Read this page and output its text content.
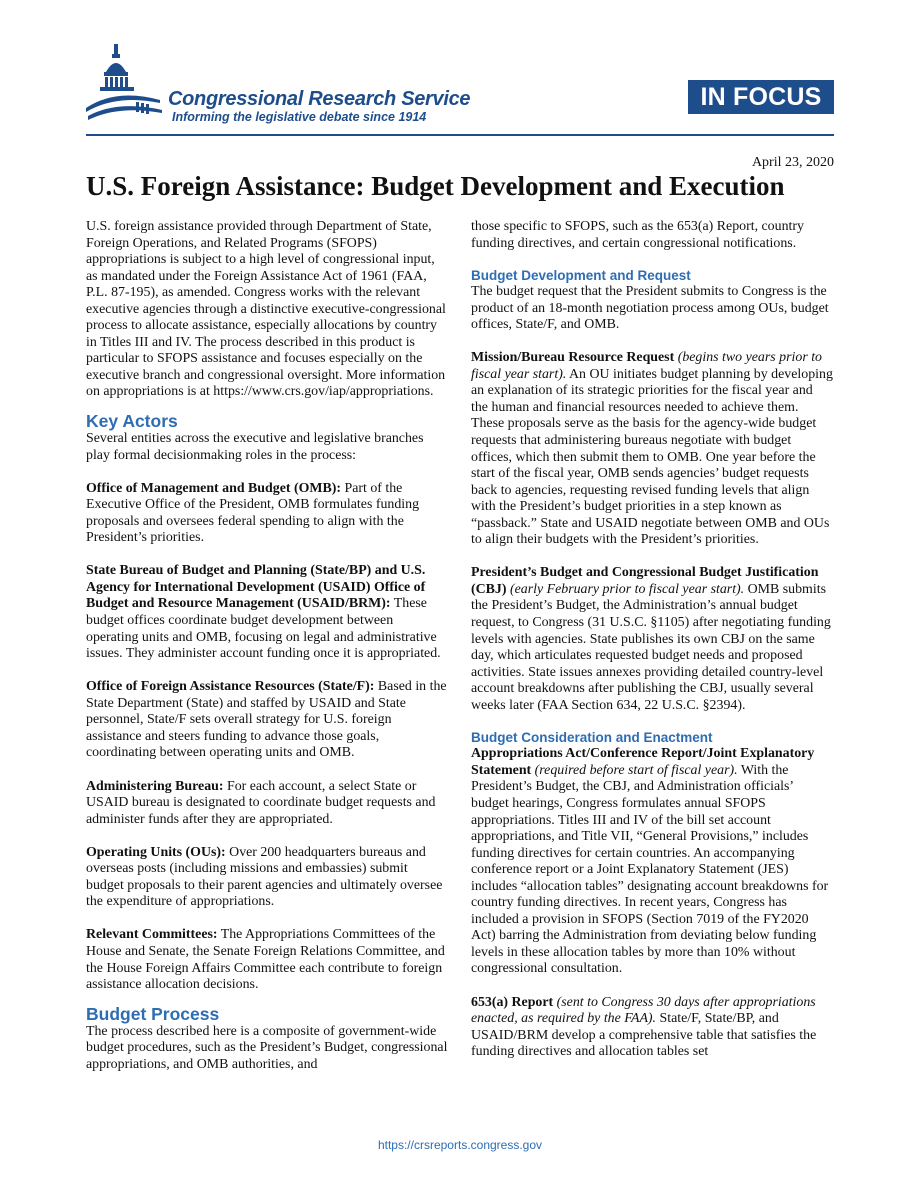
Congressional Research Service
Informing the legislative debate since 1914
IN FOCUS
April 23, 2020
U.S. Foreign Assistance: Budget Development and Execution

U.S. foreign assistance provided through Department of State, Foreign Operations, and Related Programs (SFOPS) appropriations is subject to a high level of congressional input, as mandated under the Foreign Assistance Act of 1961 (FAA, P.L. 87-195), as amended. Congress works with the relevant executive agencies through a distinctive executive-congressional process to allocate assistance, especially allocations by country in Titles III and IV. The process described in this product is particular to SFOPS assistance and focuses especially on the executive branch and congressional oversight. More information on appropriations is at https://www.crs.gov/iap/appropriations.

Key Actors

Several entities across the executive and legislative branches play formal decisionmaking roles in the process:

Office of Management and Budget (OMB): Part of the Executive Office of the President, OMB formulates funding proposals and oversees federal spending to align with the President’s priorities.

State Bureau of Budget and Planning (State/BP) and U.S. Agency for International Development (USAID) Office of Budget and Resource Management (USAID/BRM): These budget offices coordinate budget development between operating units and OMB, focusing on legal and administrative issues. They administer account funding once it is appropriated.

Office of Foreign Assistance Resources (State/F): Based in the State Department (State) and staffed by USAID and State personnel, State/F sets overall strategy for U.S. foreign assistance and steers funding to advance those goals, coordinating between operating units and OMB.

Administering Bureau: For each account, a select State or USAID bureau is designated to coordinate budget requests and administer funds after they are appropriated.

Operating Units (OUs): Over 200 headquarters bureaus and overseas posts (including missions and embassies) submit budget proposals to their parent agencies and ultimately oversee the expenditure of appropriations.

Relevant Committees: The Appropriations Committees of the House and Senate, the Senate Foreign Relations Committee, and the House Foreign Affairs Committee each contribute to foreign assistance allocation decisions.

Budget Process

The process described here is a composite of government-wide budget procedures, such as the President’s Budget, congressional appropriations, and OMB authorities, and

those specific to SFOPS, such as the 653(a) Report, country funding directives, and certain congressional notifications.

Budget Development and Request

The budget request that the President submits to Congress is the product of an 18-month negotiation process among OUs, budget offices, State/F, and OMB.

Mission/Bureau Resource Request (begins two years prior to fiscal year start). An OU initiates budget planning by developing an explanation of its strategic priorities for the fiscal year and the human and financial resources needed to achieve them. These proposals serve as the basis for the agency-wide budget requests that administering bureaus negotiate with budget offices, which then submit them to OMB. One year before the start of the fiscal year, OMB sends agencies’ budget requests back to agencies, requesting revised funding levels that align with the President’s budget priorities in a step known as “passback.” State and USAID negotiate between OMB and OUs to align their budgets with the President’s priorities.

President’s Budget and Congressional Budget Justification (CBJ) (early February prior to fiscal year start). OMB submits the President’s Budget, the Administration’s annual budget request, to Congress (31 U.S.C. §1105) after negotiating funding levels with agencies. State publishes its own CBJ on the same day, which articulates requested budget needs and proposed activities. State issues annexes providing detailed country-level account breakdowns after publishing the CBJ, usually several weeks later (FAA Section 634, 22 U.S.C. §2394).

Budget Consideration and Enactment

Appropriations Act/Conference Report/Joint Explanatory Statement (required before start of fiscal year). With the President’s Budget, the CBJ, and Administration officials’ budget hearings, Congress formulates annual SFOPS appropriations. Titles III and IV of the bill set account appropriations, and Title VII, “General Provisions,” includes funding directives for certain countries. An accompanying conference report or a Joint Explanatory Statement (JES) includes “allocation tables” designating account breakdowns for country funding directives. In recent years, Congress has included a provision in SFOPS (Section 7019 of the FY2020 Act) barring the Administration from deviating below funding levels in these allocation tables by more than 10% without congressional consultation.

653(a) Report (sent to Congress 30 days after appropriations enacted, as required by the FAA). State/F, State/BP, and USAID/BRM develop a comprehensive table that satisfies the funding directives and allocation tables set

https://crsreports.congress.gov
